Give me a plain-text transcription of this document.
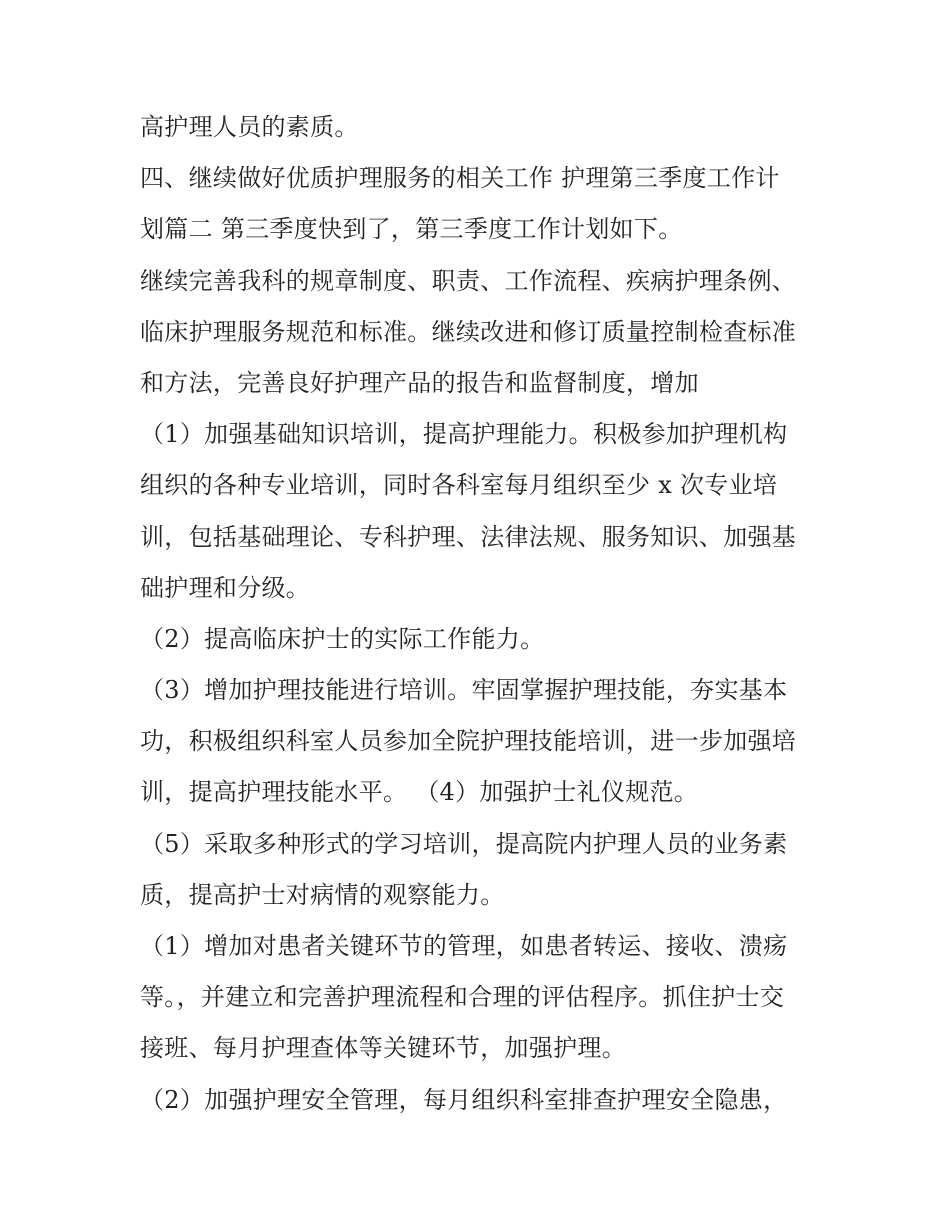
高护理人员的素质。
四、继续做好优质护理服务的相关工作 护理第三季度工作计
划篇二 第三季度快到了，第三季度工作计划如下。
继续完善我科的规章制度、职责、工作流程、疾病护理条例、
临床护理服务规范和标准。继续改进和修订质量控制检查标准
和方法，完善良好护理产品的报告和监督制度，增加
（1）加强基础知识培训，提高护理能力。积极参加护理机构
组织的各种专业培训，同时各科室每月组织至少 x 次专业培
训，包括基础理论、专科护理、法律法规、服务知识、加强基
础护理和分级。
（2）提高临床护士的实际工作能力。
（3）增加护理技能进行培训。牢固掌握护理技能，夯实基本
功，积极组织科室人员参加全院护理技能培训，进一步加强培
训，提高护理技能水平。 （4）加强护士礼仪规范。
（5）采取多种形式的学习培训，提高院内护理人员的业务素
质，提高护士对病情的观察能力。
（1）增加对患者关键环节的管理，如患者转运、接收、溃疡
等。，并建立和完善护理流程和合理的评估程序。抓住护士交
接班、每月护理查体等关键环节，加强护理。
（2）加强护理安全管理，每月组织科室排查护理安全隐患，
